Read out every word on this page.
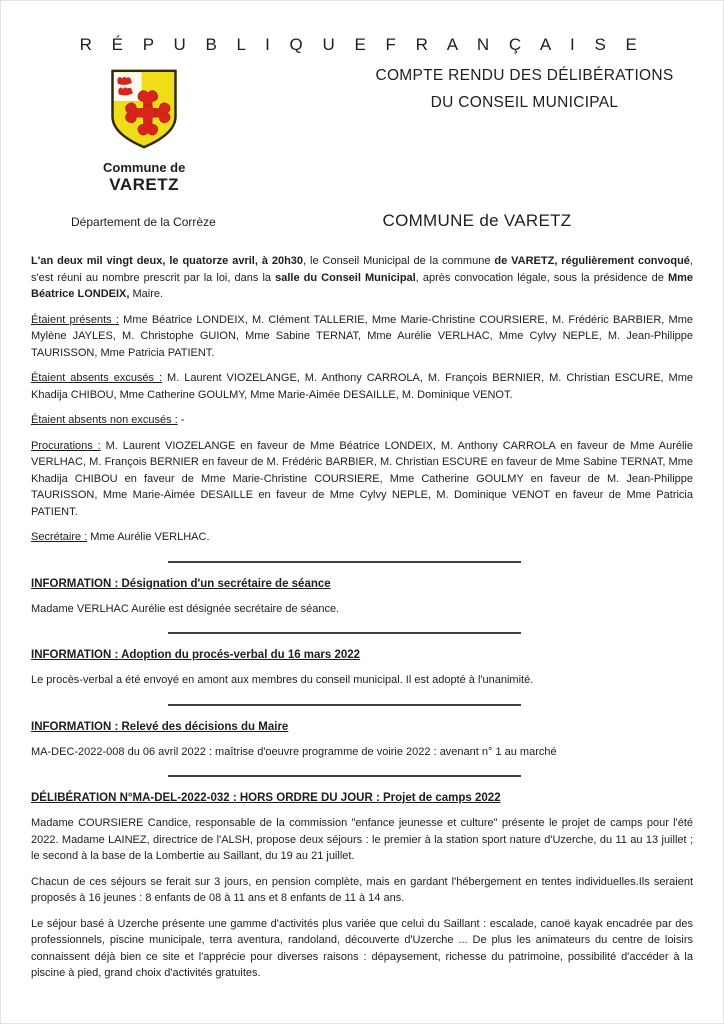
R É P U B L I Q U E F R A N Ç A I S E
Commune de
VARETZ
COMPTE RENDU DES DÉLIBÉRATIONS
DU CONSEIL MUNICIPAL
Département de la Corrèze	COMMUNE de VARETZ

L'an deux mil vingt deux, le quatorze avril, à 20h30, le Conseil Municipal de la commune de VARETZ, régulièrement convoqué, s'est réuni au nombre prescrit par la loi, dans la salle du Conseil Municipal, après convocation légale, sous la présidence de Mme Béatrice LONDEIX, Maire.

Étaient présents : Mme Béatrice LONDEIX, M. Clément TALLERIE, Mme Marie-Christine COURSIERE, M. Frédéric BARBIER, Mme Mylène JAYLES, M. Christophe GUION, Mme Sabine TERNAT, Mme Aurélie VERLHAC, Mme Cylvy NEPLE, M. Jean-Philippe TAURISSON, Mme Patricia PATIENT.

Étaient absents excusés : M. Laurent VIOZELANGE, M. Anthony CARROLA, M. François BERNIER, M. Christian ESCURE, Mme Khadija CHIBOU, Mme Catherine GOULMY, Mme Marie-Aimée DESAILLE, M. Dominique VENOT.

Étaient absents non excusés : -

Procurations : M. Laurent VIOZELANGE en faveur de Mme Béatrice LONDEIX, M. Anthony CARROLA en faveur de Mme Aurélie VERLHAC, M. François BERNIER en faveur de M. Frédéric BARBIER, M. Christian ESCURE en faveur de Mme Sabine TERNAT, Mme Khadija CHIBOU en faveur de Mme Marie-Christine COURSIERE, Mme Catherine GOULMY en faveur de M. Jean-Philippe TAURISSON, Mme Marie-Aimée DESAILLE en faveur de Mme Cylvy NEPLE, M. Dominique VENOT en faveur de Mme Patricia PATIENT.

Secrétaire : Mme Aurélie VERLHAC.

INFORMATION : Désignation d'un secrétaire de séance

Madame VERLHAC Aurélie est désignée secrétaire de séance.

INFORMATION : Adoption du procés-verbal du 16 mars 2022

Le procès-verbal a été envoyé en amont aux membres du conseil municipal. Il est adopté à l'unanimité.

INFORMATION : Relevé des décisions du Maire

MA-DEC-2022-008 du 06 avril 2022 : maîtrise d'oeuvre programme de voirie 2022 : avenant n° 1 au marché

DÉLIBÉRATION N°MA-DEL-2022-032 : HORS ORDRE DU JOUR : Projet de camps 2022

Madame COURSIERE Candice, responsable de la commission "enfance jeunesse et culture" présente le projet de camps pour l'été 2022. Madame LAINEZ, directrice de l'ALSH, propose deux séjours : le premier à la station sport nature d'Uzerche, du 11 au 13 juillet ; le second à la base de la Lombertie au Saillant, du 19 au 21 juillet.

Chacun de ces séjours se ferait sur 3 jours, en pension complète, mais en gardant l'hébergement en tentes individuelles.Ils seraient proposés à 16 jeunes : 8 enfants de 08 à 11 ans et 8 enfants de 11 à 14 ans.

Le séjour basé à Uzerche présente une gamme d'activités plus variée que celui du Saillant : escalade, canoë kayak encadrée par des professionnels, piscine municipale, terra aventura, randoland, découverte d'Uzerche ... De plus les animateurs du centre de loisirs connaissent déjà bien ce site et l'apprécie pour diverses raisons : dépaysement, richesse du patrimoine, possibilité d'accéder à la piscine à pied, grand choix d'activités gratuites.
